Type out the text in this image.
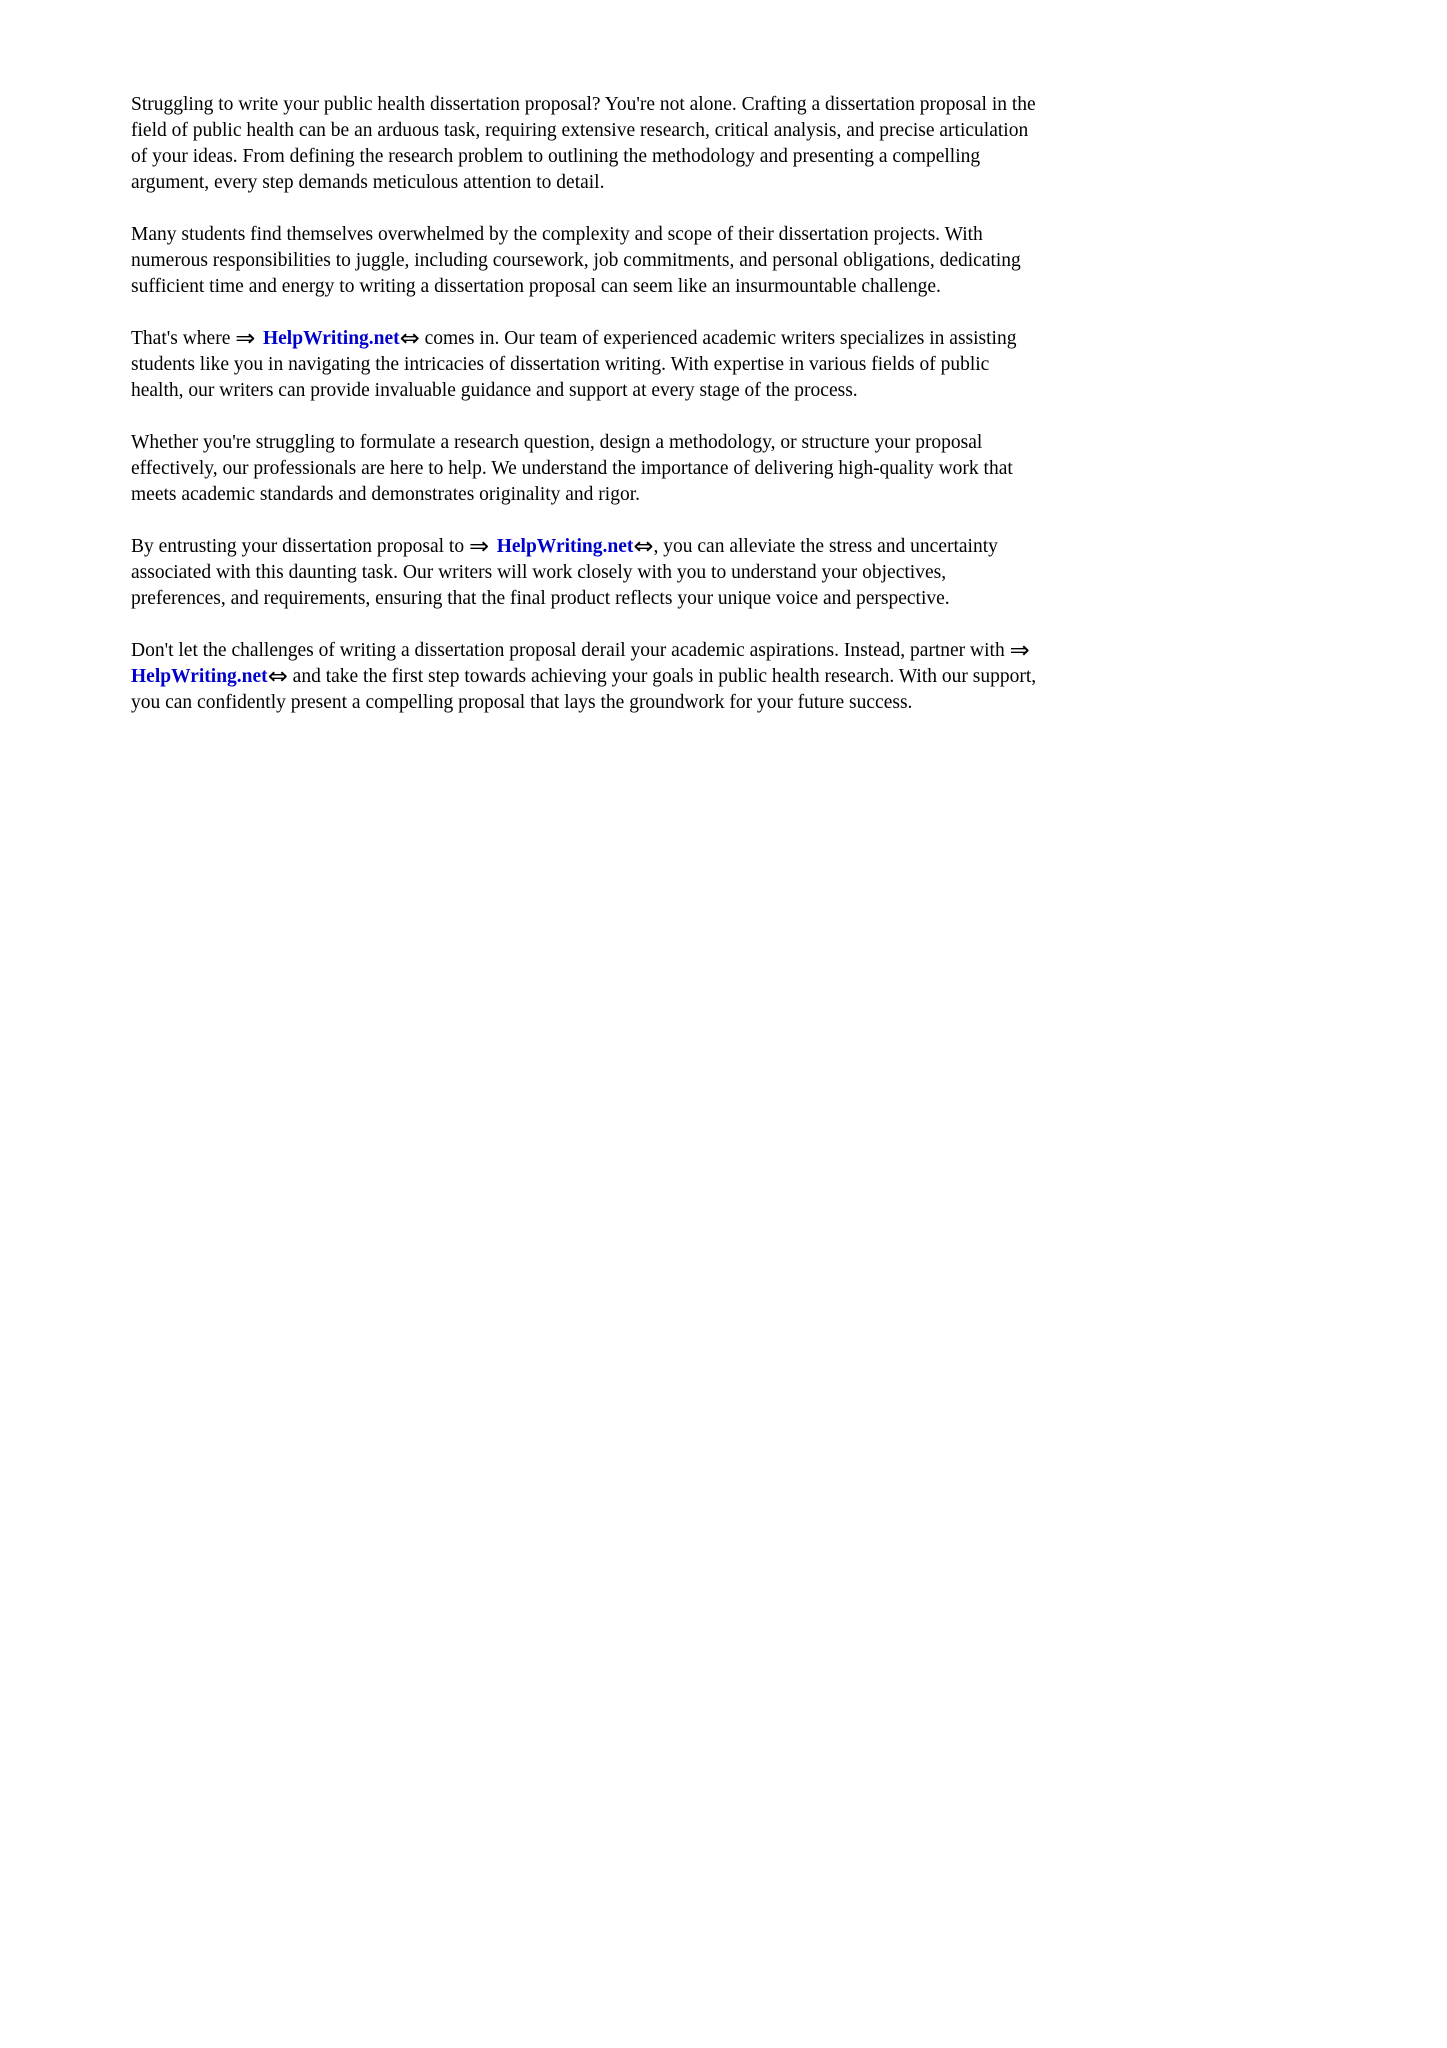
Struggling to write your public health dissertation proposal? You're not alone. Crafting a dissertation proposal in the field of public health can be an arduous task, requiring extensive research, critical analysis, and precise articulation of your ideas. From defining the research problem to outlining the methodology and presenting a compelling argument, every step demands meticulous attention to detail.

Many students find themselves overwhelmed by the complexity and scope of their dissertation projects. With numerous responsibilities to juggle, including coursework, job commitments, and personal obligations, dedicating sufficient time and energy to writing a dissertation proposal can seem like an insurmountable challenge.

That's where ⇒ HelpWriting.net⇔ comes in. Our team of experienced academic writers specializes in assisting students like you in navigating the intricacies of dissertation writing. With expertise in various fields of public health, our writers can provide invaluable guidance and support at every stage of the process.

Whether you're struggling to formulate a research question, design a methodology, or structure your proposal effectively, our professionals are here to help. We understand the importance of delivering high-quality work that meets academic standards and demonstrates originality and rigor.

By entrusting your dissertation proposal to ⇒ HelpWriting.net⇔, you can alleviate the stress and uncertainty associated with this daunting task. Our writers will work closely with you to understand your objectives, preferences, and requirements, ensuring that the final product reflects your unique voice and perspective.

Don't let the challenges of writing a dissertation proposal derail your academic aspirations. Instead, partner with ⇒ HelpWriting.net⇔ and take the first step towards achieving your goals in public health research. With our support, you can confidently present a compelling proposal that lays the groundwork for your future success.
